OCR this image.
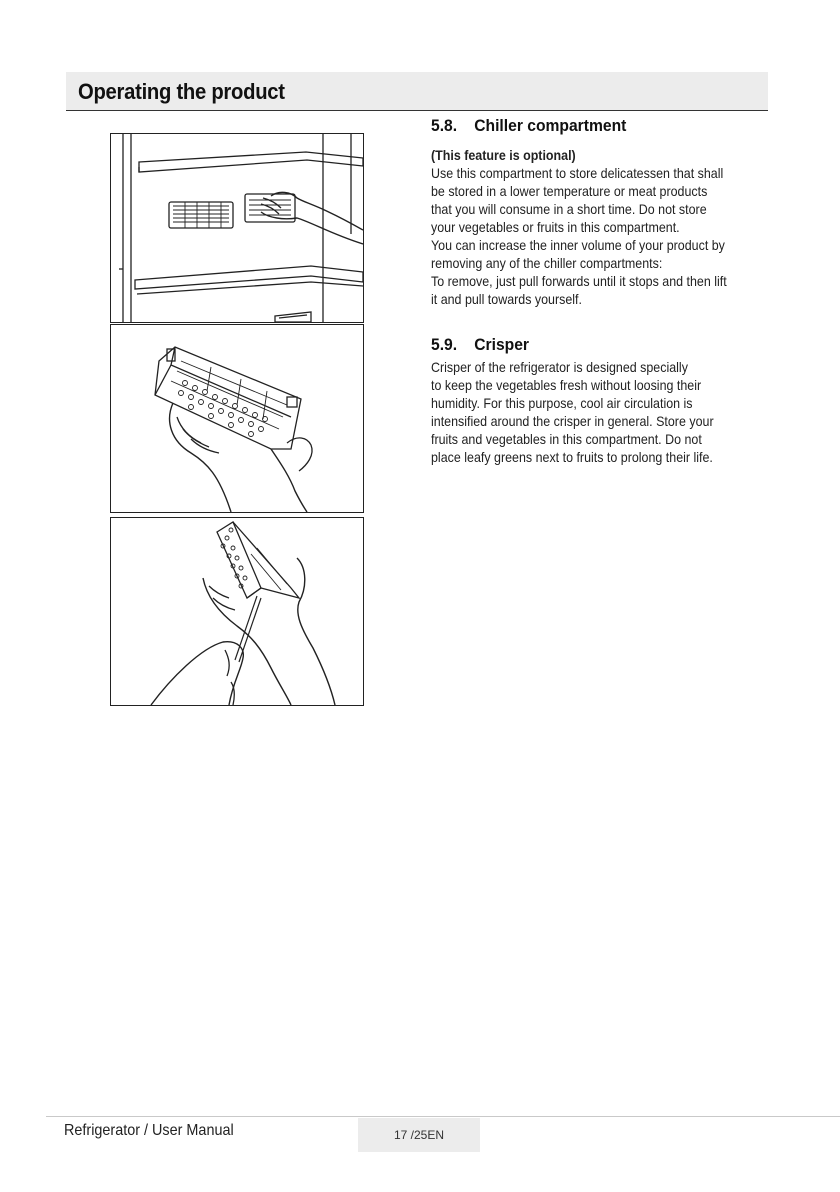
Operating the product
5.8. Chiller compartment
(This feature is optional)
Use this compartment to store delicatessen that shall
be stored in a lower temperature or meat products
that you will consume in a short time. Do not store
your vegetables or fruits in this compartment.
You can increase the inner volume of your product by
removing any of the chiller compartments:
To remove, just pull forwards until it stops and then lift
it and pull towards yourself.
5.9. Crisper
Crisper of the refrigerator is designed specially
to keep the vegetables fresh without loosing their
humidity. For this purpose, cool air circulation is
intensified around the crisper in general. Store your
fruits and vegetables in this compartment. Do not
place leafy greens next to fruits to prolong their life.
Refrigerator / User Manual	17 /25EN
